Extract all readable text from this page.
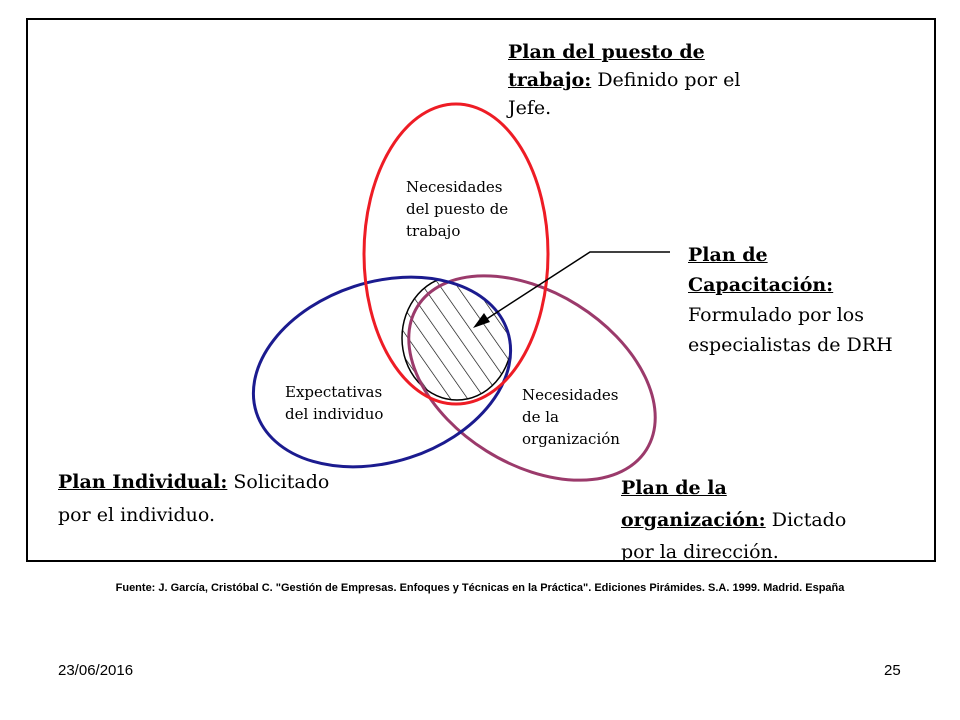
Necesidades del puesto de trabajo
Expectativas del individuo
Necesidades de la organización
Plan del puesto de trabajo: Definido por el Jefe.
Plan de Capacitación: Formulado por los especialistas de DRH
Plan Individual: Solicitado por el individuo.
Plan de la organización: Dictado por la dirección.
Fuente: J. García, Cristóbal C. "Gestión de Empresas. Enfoques y Técnicas en la Práctica". Ediciones Pirámides. S.A. 1999. Madrid. España
23/06/2016	25
